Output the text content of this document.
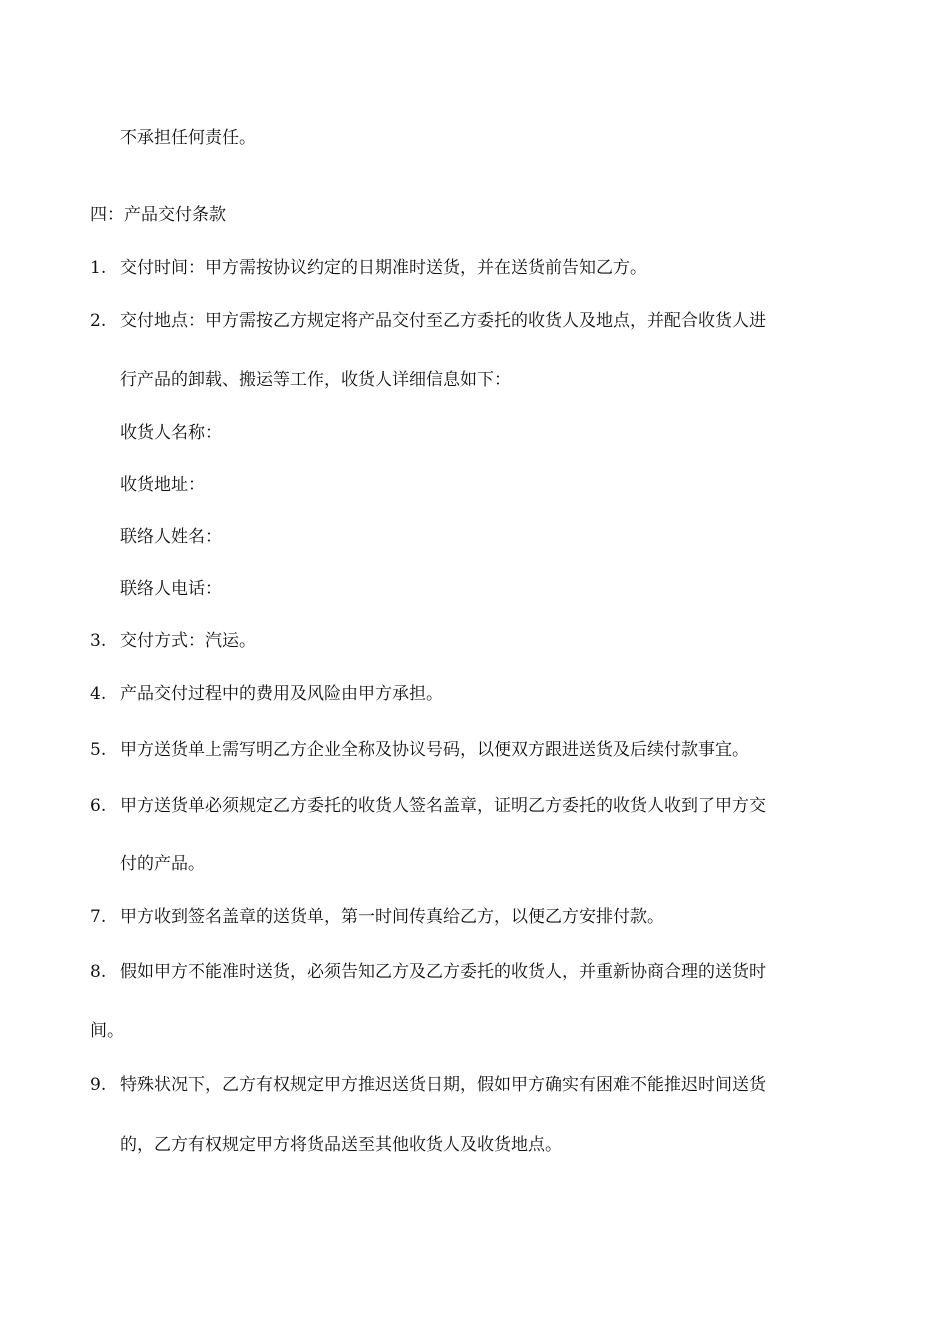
不承担任何责任。
四：产品交付条款
1. 交付时间：甲方需按协议约定的日期准时送货，并在送货前告知乙方。
2. 交付地点：甲方需按乙方规定将产品交付至乙方委托的收货人及地点，并配合收货人进
行产品的卸载、搬运等工作，收货人详细信息如下：
收货人名称：
收货地址：
联络人姓名：
联络人电话：
3. 交付方式：汽运。
4. 产品交付过程中的费用及风险由甲方承担。
5. 甲方送货单上需写明乙方企业全称及协议号码，以便双方跟进送货及后续付款事宜。
6. 甲方送货单必须规定乙方委托的收货人签名盖章，证明乙方委托的收货人收到了甲方交
付的产品。
7. 甲方收到签名盖章的送货单，第一时间传真给乙方，以便乙方安排付款。
8. 假如甲方不能准时送货，必须告知乙方及乙方委托的收货人，并重新协商合理的送货时
间。
9. 特殊状况下，乙方有权规定甲方推迟送货日期，假如甲方确实有困难不能推迟时间送货
的，乙方有权规定甲方将货品送至其他收货人及收货地点。
